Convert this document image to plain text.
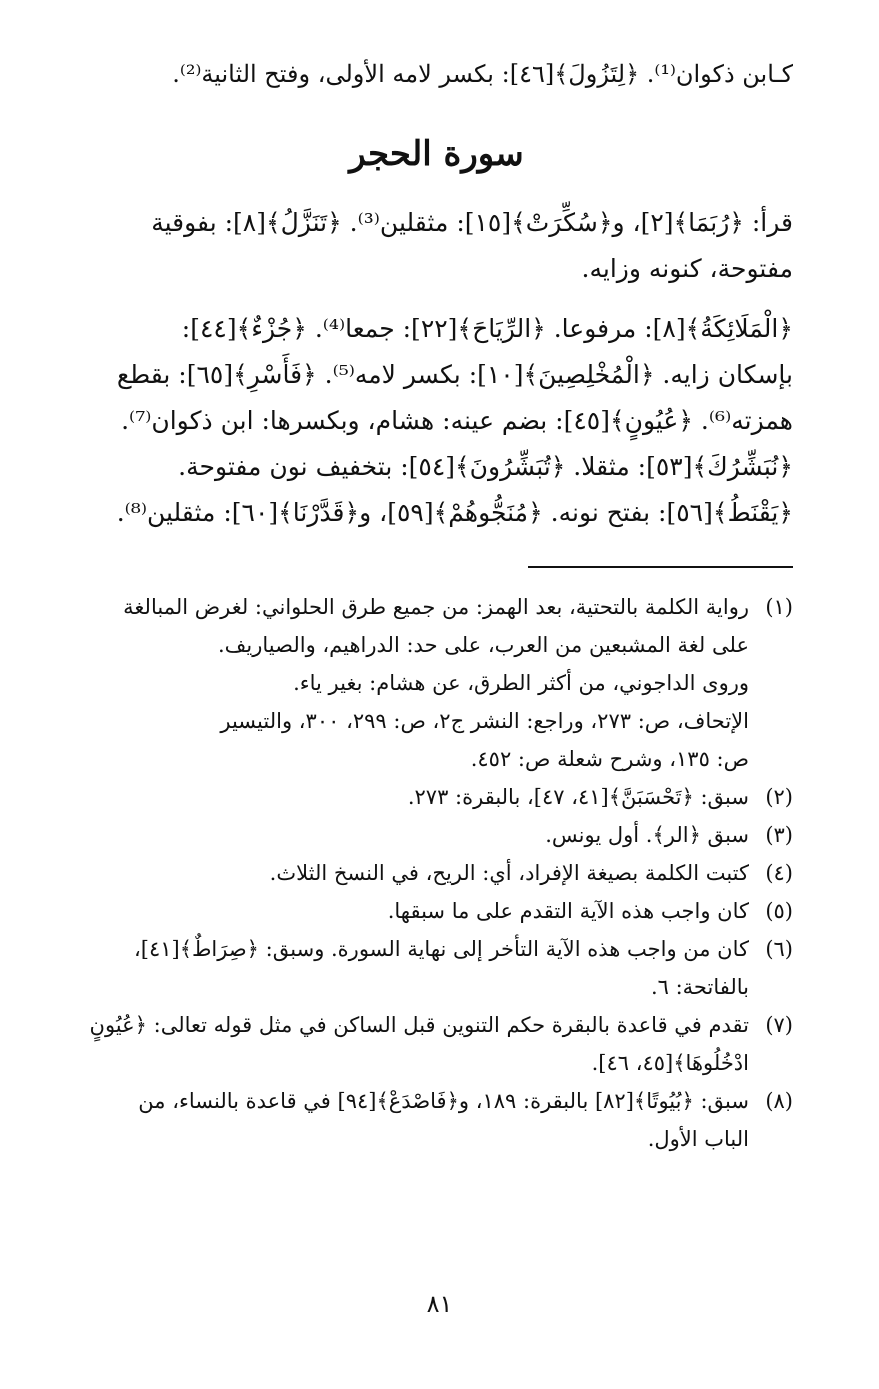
كـابن ذكوان⁽¹⁾. ﴿لِتَزُولَ﴾[٤٦]: بكسر لامه الأولى، وفتح الثانية⁽²⁾.
سورة الحجر
قرأ: ﴿رُبَمَا﴾[٢]، و﴿سُكِّرَتْ﴾[١٥]: مثقلين⁽³⁾. ﴿تَنَزَّلُ﴾[٨]: بفوقية
مفتوحة، كنونه وزايه.
﴿الْمَلَائِكَةُ﴾[٨]: مرفوعا. ﴿الرِّيَاحَ﴾[٢٢]: جمعا⁽⁴⁾. ﴿جُزْءٌ﴾[٤٤]:
بإسكان زايه. ﴿الْمُخْلِصِينَ﴾[١٠]: بكسر لامه⁽⁵⁾. ﴿فَأَسْرِ﴾[٦٥]: بقطع
همزته⁽⁶⁾. ﴿عُيُونٍ﴾[٤٥]: بضم عينه: هشام، وبكسرها: ابن ذكوان⁽⁷⁾.
﴿نُبَشِّرُكَ﴾[٥٣]: مثقلا. ﴿تُبَشِّرُونَ﴾[٥٤]: بتخفيف نون مفتوحة.
﴿يَقْنَطُ﴾[٥٦]: بفتح نونه. ﴿مُنَجُّوهُمْ﴾[٥٩]، و﴿قَدَّرْنَا﴾[٦٠]: مثقلين⁽⁸⁾.
(١)رواية الكلمة بالتحتية، بعد الهمز: من جميع طرق الحلواني: لغرض المبالغة
على لغة المشبعين من العرب، على حد: الدراهيم، والصياريف.
وروى الداجوني، من أكثر الطرق، عن هشام: بغير ياء.
الإتحاف، ص: ٢٧٣، وراجع: النشر ج٢، ص: ٢٩٩، ٣٠٠، والتيسير
ص: ١٣٥، وشرح شعلة ص: ٤٥٢.
(٢)سبق: ﴿تَحْسَبَنَّ﴾[٤١، ٤٧]، بالبقرة: ٢٧٣.
(٣)سبق ﴿الر﴾. أول يونس.
(٤)كتبت الكلمة بصيغة الإفراد، أي: الريح، في النسخ الثلاث.
(٥)كان واجب هذه الآية التقدم على ما سبقها.
(٦)كان من واجب هذه الآية التأخر إلى نهاية السورة. وسبق: ﴿صِرَاطٌ﴾[٤١]،
بالفاتحة: ٦.
(٧)تقدم في قاعدة بالبقرة حكم التنوين قبل الساكن في مثل قوله تعالى: ﴿عُيُونٍ
ادْخُلُوهَا﴾[٤٥، ٤٦].
(٨)سبق: ﴿بُيُوتًا﴾[٨٢] بالبقرة: ١٨٩، و﴿فَاصْدَعْ﴾[٩٤] في قاعدة بالنساء، من
الباب الأول.
٨١
